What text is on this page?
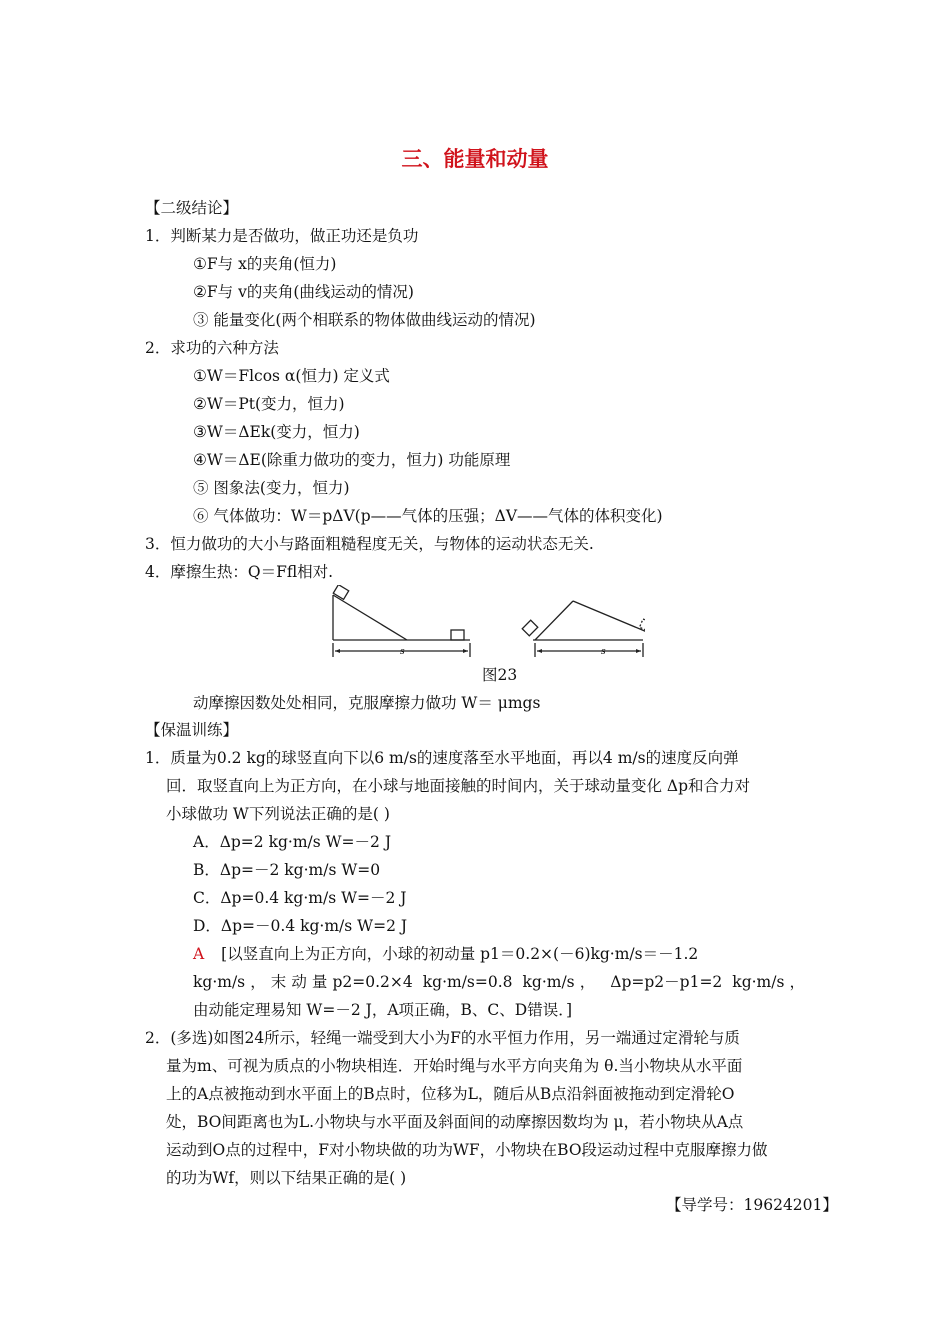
三、能量和动量
【二级结论】
1．判断某力是否做功，做正功还是负功
①F与 x的夹角(恒力)
②F与 v的夹角(曲线运动的情况)
③ 能量变化(两个相联系的物体做曲线运动的情况)
2．求功的六种方法
①W＝Flcos α(恒力) 定义式
②W＝Pt(变力，恒力)
③W＝ΔEk(变力，恒力)
④W＝ΔE(除重力做功的变力，恒力) 功能原理
⑤ 图象法(变力，恒力)
⑥ 气体做功：W＝pΔV(p——气体的压强；ΔV——气体的体积变化)
3．恒力做功的大小与路面粗糙程度无关，与物体的运动状态无关.
4．摩擦生热：Q＝Ffl相对.
s	s
图23
动摩擦因数处处相同，克服摩擦力做功 W＝ μmgs
【保温训练】
1．质量为0.2 kg的球竖直向下以6 m/s的速度落至水平地面，再以4 m/s的速度反向弹
回．取竖直向上为正方向，在小球与地面接触的时间内，关于球动量变化 Δp和合力对
小球做功 W下列说法正确的是( )
A．Δp=2 kg·m/s W=－2 J
B．Δp=－2 kg·m/s W=0
C．Δp=0.4 kg·m/s W=－2 J
D．Δp=－0.4 kg·m/s W=2 J
A [以竖直向上为正方向，小球的初动量 p1＝0.2×(－6)kg·m/s＝－1.2
kg·m/s，末动量p2=0.2×4 kg·m/s=0.8 kg·m/s， Δp=p2－p1=2 kg·m/s，
由动能定理易知 W=－2 J，A项正确，B、C、D错误．]
2．(多选)如图24所示，轻绳一端受到大小为F的水平恒力作用，另一端通过定滑轮与质
量为m、可视为质点的小物块相连．开始时绳与水平方向夹角为 θ.当小物块从水平面
上的A点被拖动到水平面上的B点时，位移为L，随后从B点沿斜面被拖动到定滑轮O
处，BO间距离也为L.小物块与水平面及斜面间的动摩擦因数均为 μ，若小物块从A点
运动到O点的过程中，F对小物块做的功为WF，小物块在BO段运动过程中克服摩擦力做
的功为Wf，则以下结果正确的是( )
【导学号：19624201】
